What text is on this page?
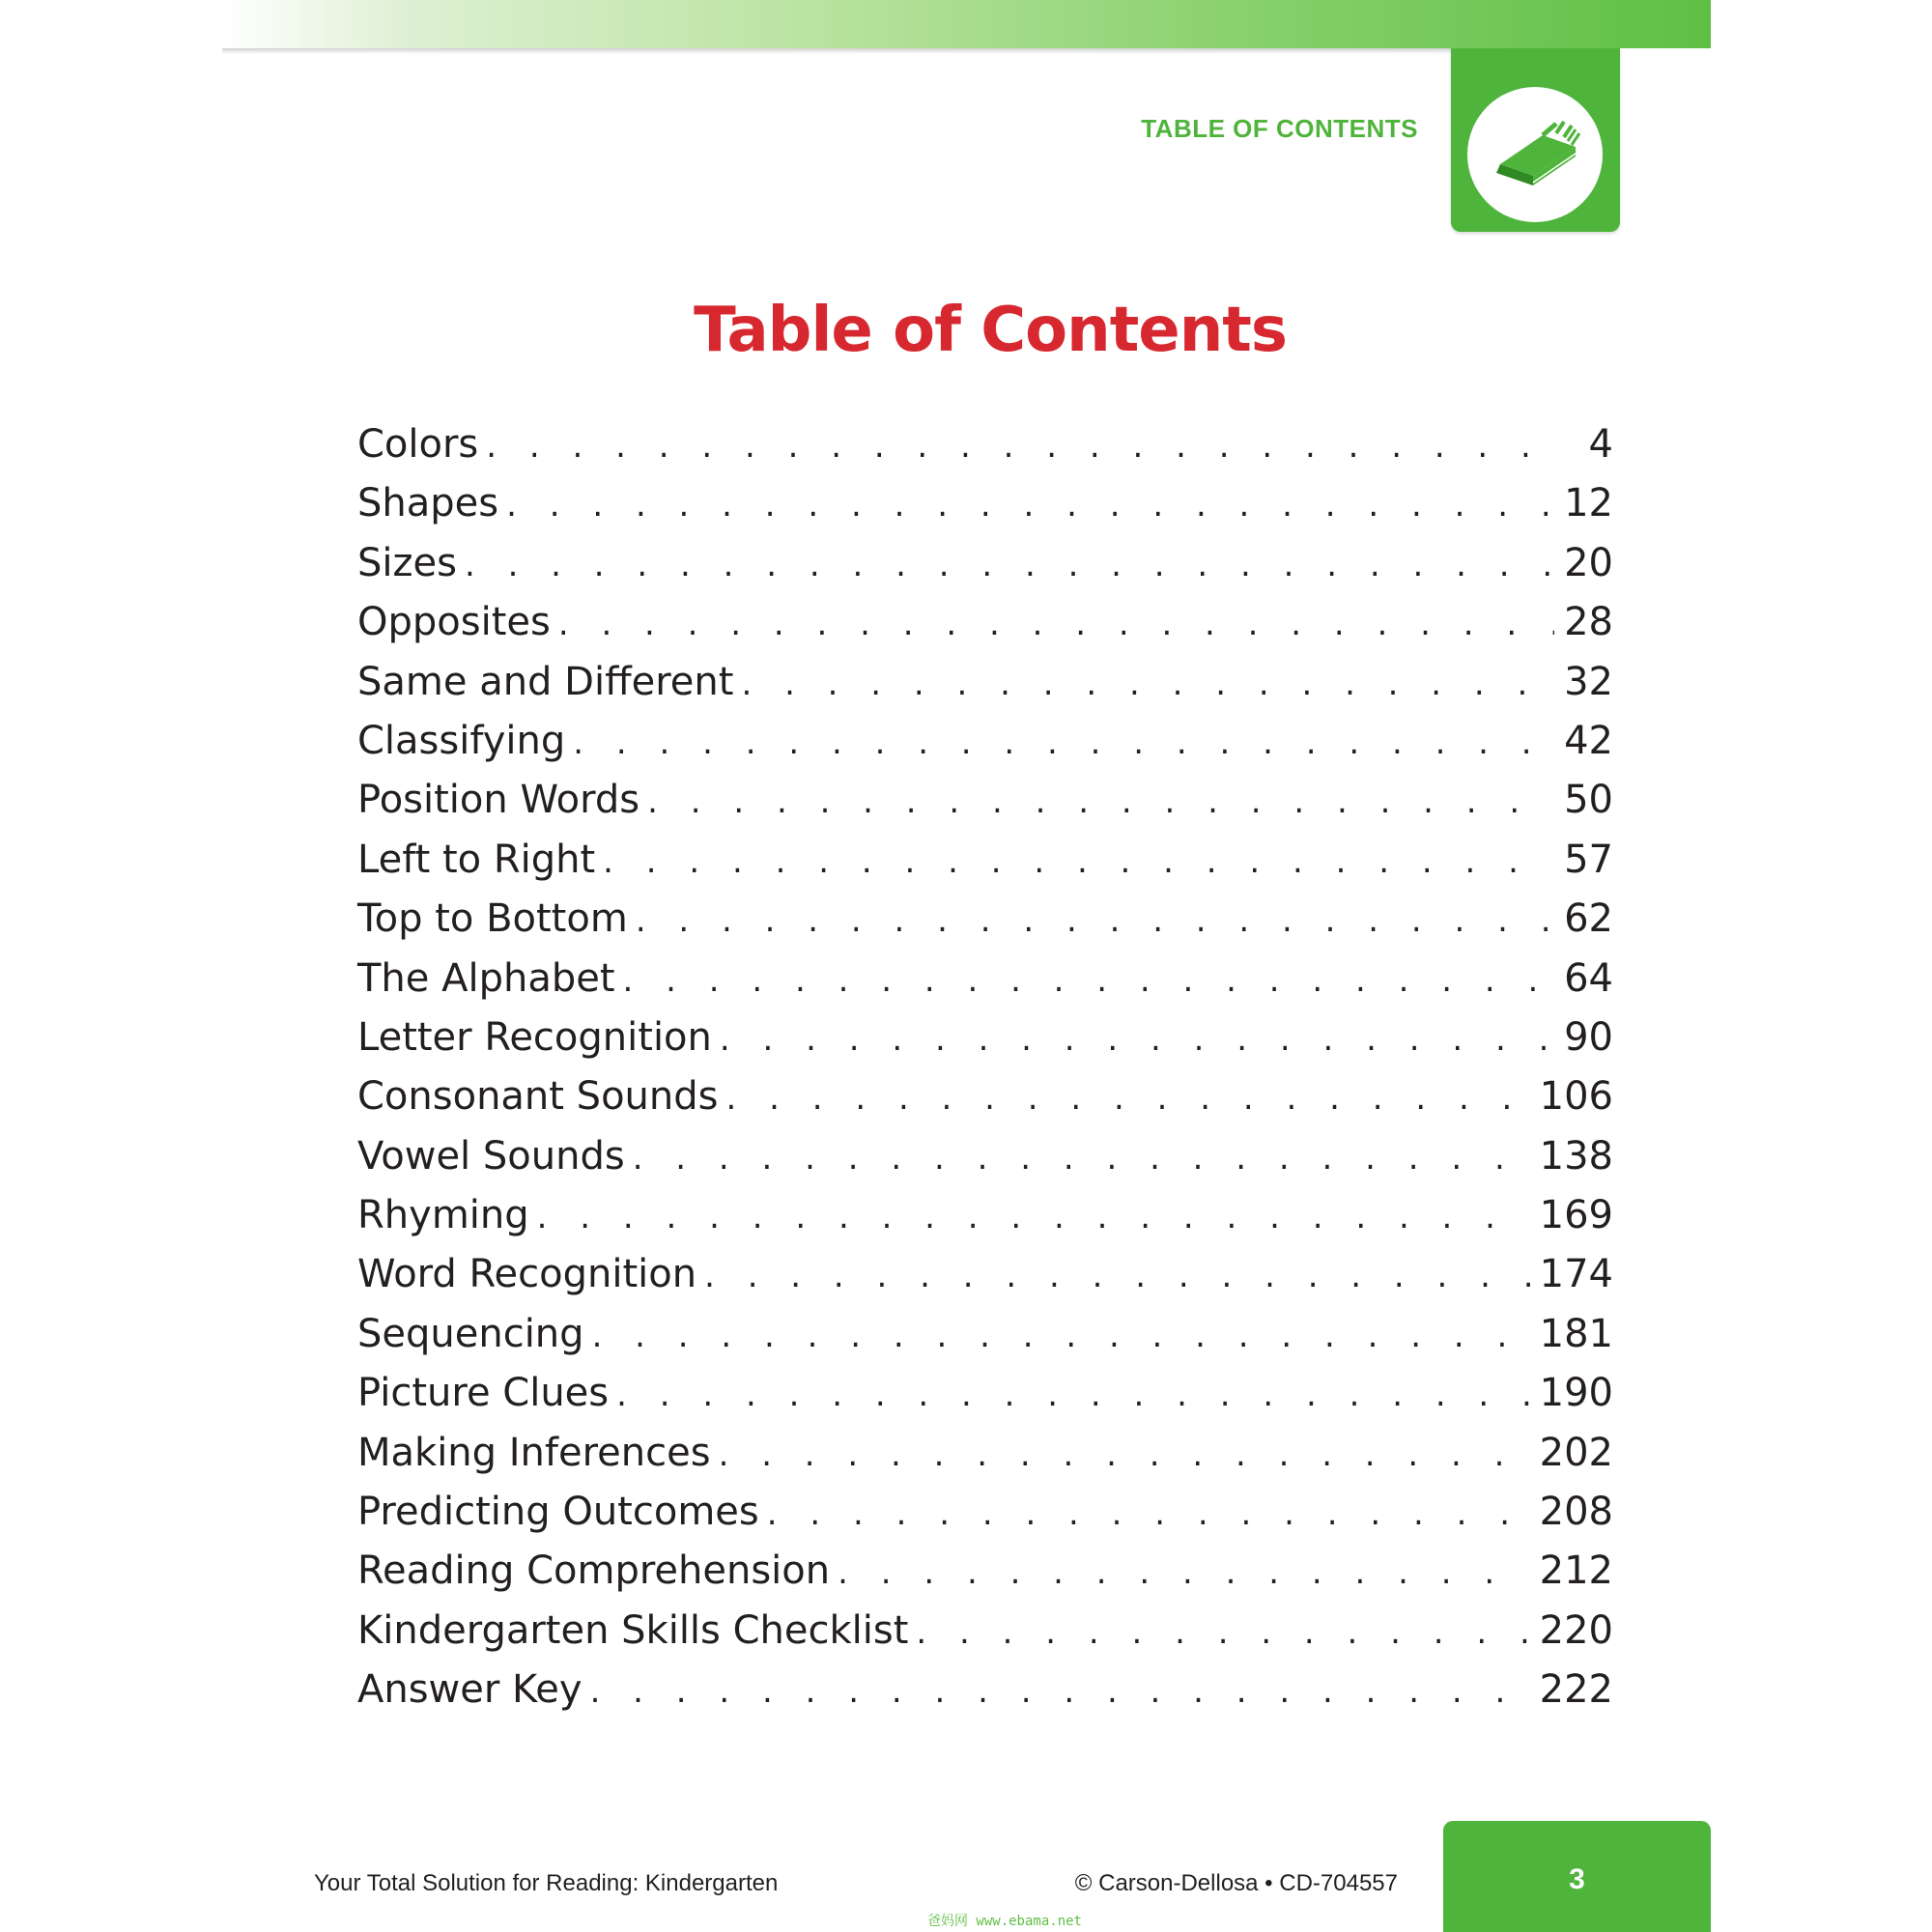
TABLE OF CONTENTS
Table of Contents
Colors . . .	4
Shapes . . .	12
Sizes . . .	20
Opposites . . .	28
Same and Different . . .	32
Classifying . . .	42
Position Words . . .	50
Left to Right . . .	57
Top to Bottom . . .	62
The Alphabet . . .	64
Letter Recognition . . .	90
Consonant Sounds . . .	106
Vowel Sounds . . .	138
Rhyming . . .	169
Word Recognition . . .	174
Sequencing . . .	181
Picture Clues . . .	190
Making Inferences . . .	202
Predicting Outcomes . . .	208
Reading Comprehension . . .	212
Kindergarten Skills Checklist . . .	220
Answer Key . . .	222
Your Total Solution for Reading: Kindergarten	© Carson-Dellosa • CD-704557	3
爸妈网 www.ebama.net
